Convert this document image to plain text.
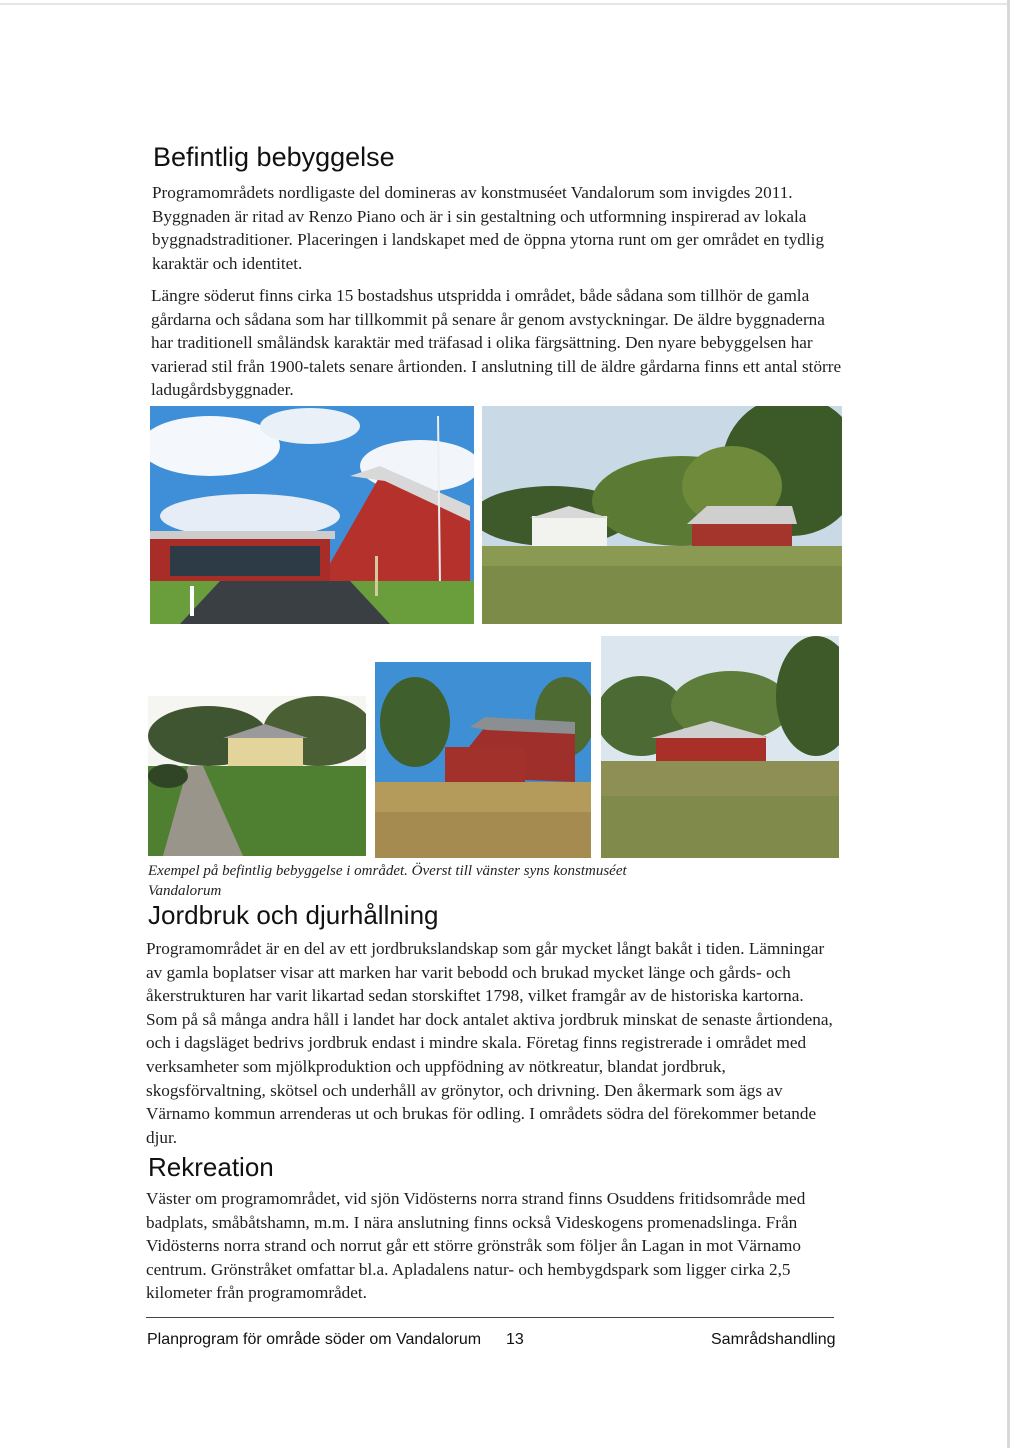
Befintlig bebyggelse

Programområdets nordligaste del domineras av konstmuséet Vandalorum som invigdes 2011. Byggnaden är ritad av Renzo Piano och är i sin gestaltning och utformning inspirerad av lokala byggnadstraditioner. Placeringen i landskapet med de öppna ytorna runt om ger området en tydlig karaktär och identitet.

Längre söderut finns cirka 15 bostadshus utspridda i området, både sådana som tillhör de gamla gårdarna och sådana som har tillkommit på senare år genom avstyckningar. De äldre byggnaderna har traditionell småländsk karaktär med träfasad i olika färgsättning. Den nyare bebyggelsen har varierad stil från 1900-talets senare årtionden. I anslutning till de äldre gårdarna finns ett antal större ladugårdsbyggnader.

Exempel på befintlig bebyggelse i området. Överst till vänster syns konstmuséet Vandalorum

Jordbruk och djurhållning

Programområdet är en del av ett jordbrukslandskap som går mycket långt bakåt i tiden. Lämningar av gamla boplatser visar att marken har varit bebodd och brukad mycket länge och gårds- och åkerstrukturen har varit likartad sedan storskiftet 1798, vilket framgår av de historiska kartorna. Som på så många andra håll i landet har dock antalet aktiva jordbruk minskat de senaste årtiondena, och i dagsläget bedrivs jordbruk endast i mindre skala. Företag finns registrerade i området med verksamheter som mjölkproduktion och uppfödning av nötkreatur, blandat jordbruk, skogsförvaltning, skötsel och underhåll av grönytor, och drivning. Den åkermark som ägs av Värnamo kommun arrenderas ut och brukas för odling. I områdets södra del förekommer betande djur.

Rekreation

Väster om programområdet, vid sjön Vidösterns norra strand finns Osuddens fritidsområde med badplats, småbåtshamn, m.m. I nära anslutning finns också Videskogens promenadslinga. Från Vidösterns norra strand och norrut går ett större grönstråk som följer ån Lagan in mot Värnamo centrum. Grönstråket omfattar bl.a. Apladalens natur- och hembygdspark som ligger cirka 2,5 kilometer från programområdet.

Planprogram för område söder om Vandalorum 13	Samrådshandling
